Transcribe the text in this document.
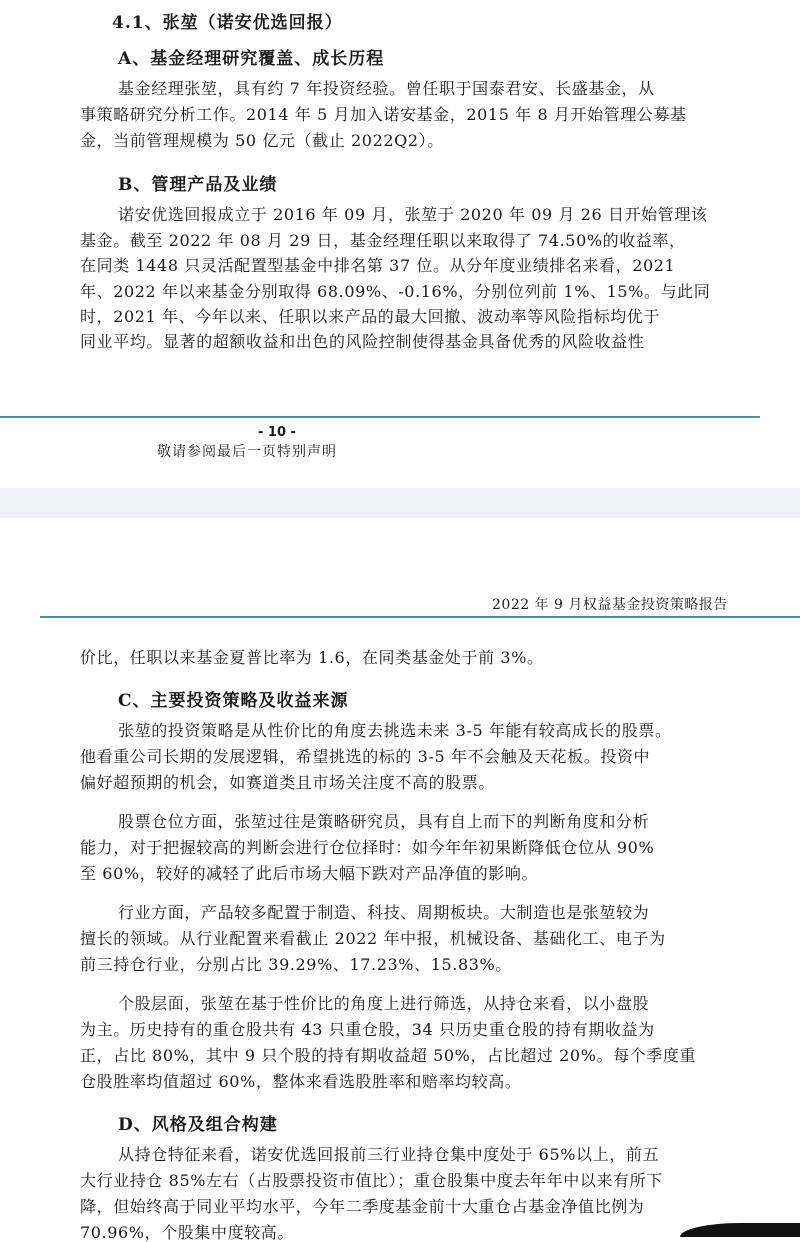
4.1、张堃（诺安优选回报）
A、基金经理研究覆盖、成长历程
基金经理张堃，具有约 7 年投资经验。曾任职于国泰君安、长盛基金，从
事策略研究分析工作。2014 年 5 月加入诺安基金，2015 年 8 月开始管理公募基
金，当前管理规模为 50 亿元（截止 2022Q2）。
B、管理产品及业绩
诺安优选回报成立于 2016 年 09 月，张堃于 2020 年 09 月 26 日开始管理该
基金。截至 2022 年 08 月 29 日，基金经理任职以来取得了 74.50%的收益率，
在同类 1448 只灵活配置型基金中排名第 37 位。从分年度业绩排名来看，2021
年、2022 年以来基金分别取得 68.09%、-0.16%，分别位列前 1%、15%。与此同
时，2021 年、今年以来、任职以来产品的最大回撤、波动率等风险指标均优于
同业平均。显著的超额收益和出色的风险控制使得基金具备优秀的风险收益性
- 10 -
敬请参阅最后一页特别声明
2022 年 9 月权益基金投资策略报告
价比，任职以来基金夏普比率为 1.6，在同类基金处于前 3%。
C、主要投资策略及收益来源
张堃的投资策略是从性价比的角度去挑选未来 3-5 年能有较高成长的股票。
他看重公司长期的发展逻辑，希望挑选的标的 3-5 年不会触及天花板。投资中
偏好超预期的机会，如赛道类且市场关注度不高的股票。
股票仓位方面，张堃过往是策略研究员，具有自上而下的判断角度和分析
能力，对于把握较高的判断会进行仓位择时：如今年年初果断降低仓位从 90%
至 60%，较好的减轻了此后市场大幅下跌对产品净值的影响。
行业方面，产品较多配置于制造、科技、周期板块。大制造也是张堃较为
擅长的领域。从行业配置来看截止 2022 年中报，机械设备、基础化工、电子为
前三持仓行业，分别占比 39.29%、17.23%、15.83%。
个股层面，张堃在基于性价比的角度上进行筛选，从持仓来看，以小盘股
为主。历史持有的重仓股共有 43 只重仓股，34 只历史重仓股的持有期收益为
正，占比 80%，其中 9 只个股的持有期收益超 50%，占比超过 20%。每个季度重
仓股胜率均值超过 60%，整体来看选股胜率和赔率均较高。
D、风格及组合构建
从持仓特征来看，诺安优选回报前三行业持仓集中度处于 65%以上，前五
大行业持仓 85%左右（占股票投资市值比）；重仓股集中度去年年中以来有所下
降，但始终高于同业平均水平，今年二季度基金前十大重仓占基金净值比例为
70.96%，个股集中度较高。
